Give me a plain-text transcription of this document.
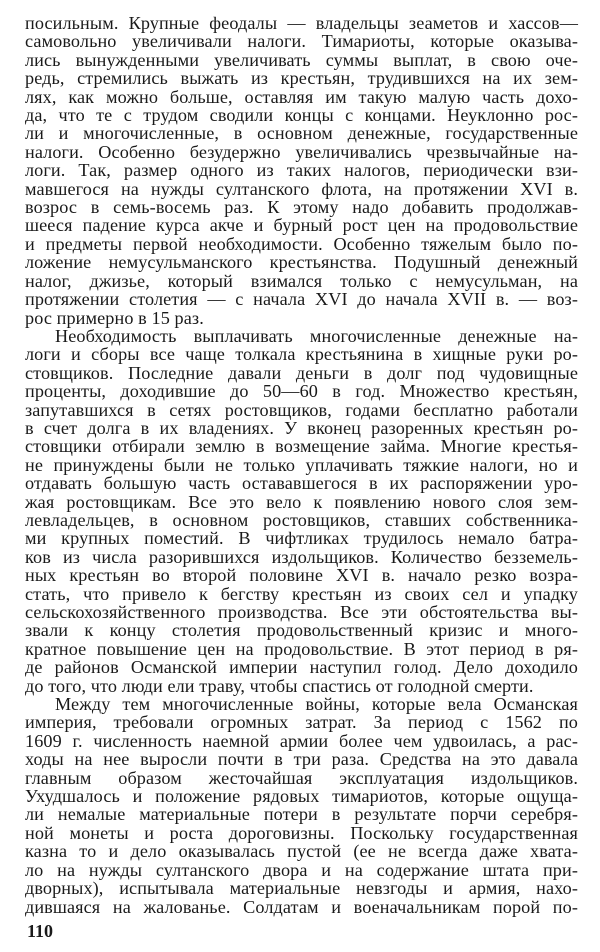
посильным. Крупные феодалы — владельцы зеаметов и хассов—
самовольно увеличивали налоги. Тимариоты, которые оказыва-
лись вынужденными увеличивать суммы выплат, в свою оче-
редь, стремились выжать из крестьян, трудившихся на их зем-
лях, как можно больше, оставляя им такую малую часть дохо-
да, что те с трудом сводили концы с концами. Неуклонно рос-
ли и многочисленные, в основном денежные, государственные
налоги. Особенно безудержно увеличивались чрезвычайные на-
логи. Так, размер одного из таких налогов, периодически взи-
мавшегося на нужды султанского флота, на протяжении XVI в.
возрос в семь-восемь раз. К этому надо добавить продолжав-
шееся падение курса акче и бурный рост цен на продовольствие
и предметы первой необходимости. Особенно тяжелым было по-
ложение немусульманского крестьянства. Подушный денежный
налог, джизье, который взимался только с немусульман, на
протяжении столетия — с начала XVI до начала XVII в. — воз-
рос примерно в 15 раз.
Необходимость выплачивать многочисленные денежные на-
логи и сборы все чаще толкала крестьянина в хищные руки ро-
стовщиков. Последние давали деньги в долг под чудовищные
проценты, доходившие до 50—60 в год. Множество крестьян,
запутавшихся в сетях ростовщиков, годами бесплатно работали
в счет долга в их владениях. У вконец разоренных крестьян ро-
стовщики отбирали землю в возмещение займа. Многие крестья-
не принуждены были не только уплачивать тяжкие налоги, но и
отдавать большую часть остававшегося в их распоряжении уро-
жая ростовщикам. Все это вело к появлению нового слоя зем-
левладельцев, в основном ростовщиков, ставших собственника-
ми крупных поместий. В чифтликах трудилось немало батра-
ков из числа разорившихся издольщиков. Количество безземель-
ных крестьян во второй половине XVI в. начало резко возра-
стать, что привело к бегству крестьян из своих сел и упадку
сельскохозяйственного производства. Все эти обстоятельства вы-
звали к концу столетия продовольственный кризис и много-
кратное повышение цен на продовольствие. В этот период в ря-
де районов Османской империи наступил голод. Дело доходило
до того, что люди ели траву, чтобы спастись от голодной смерти.
Между тем многочисленные войны, которые вела Османская
империя, требовали огромных затрат. За период с 1562 по
1609 г. численность наемной армии более чем удвоилась, а рас-
ходы на нее выросли почти в три раза. Средства на это давала
главным образом жесточайшая эксплуатация издольщиков.
Ухудшалось и положение рядовых тимариотов, которые ощуща-
ли немалые материальные потери в результате порчи серебря-
ной монеты и роста дороговизны. Поскольку государственная
казна то и дело оказывалась пустой (ее не всегда даже хвата-
ло на нужды султанского двора и на содержание штата при-
дворных), испытывала материальные невзгоды и армия, нахо-
дившаяся на жалованье. Солдатам и военачальникам порой по-
110
